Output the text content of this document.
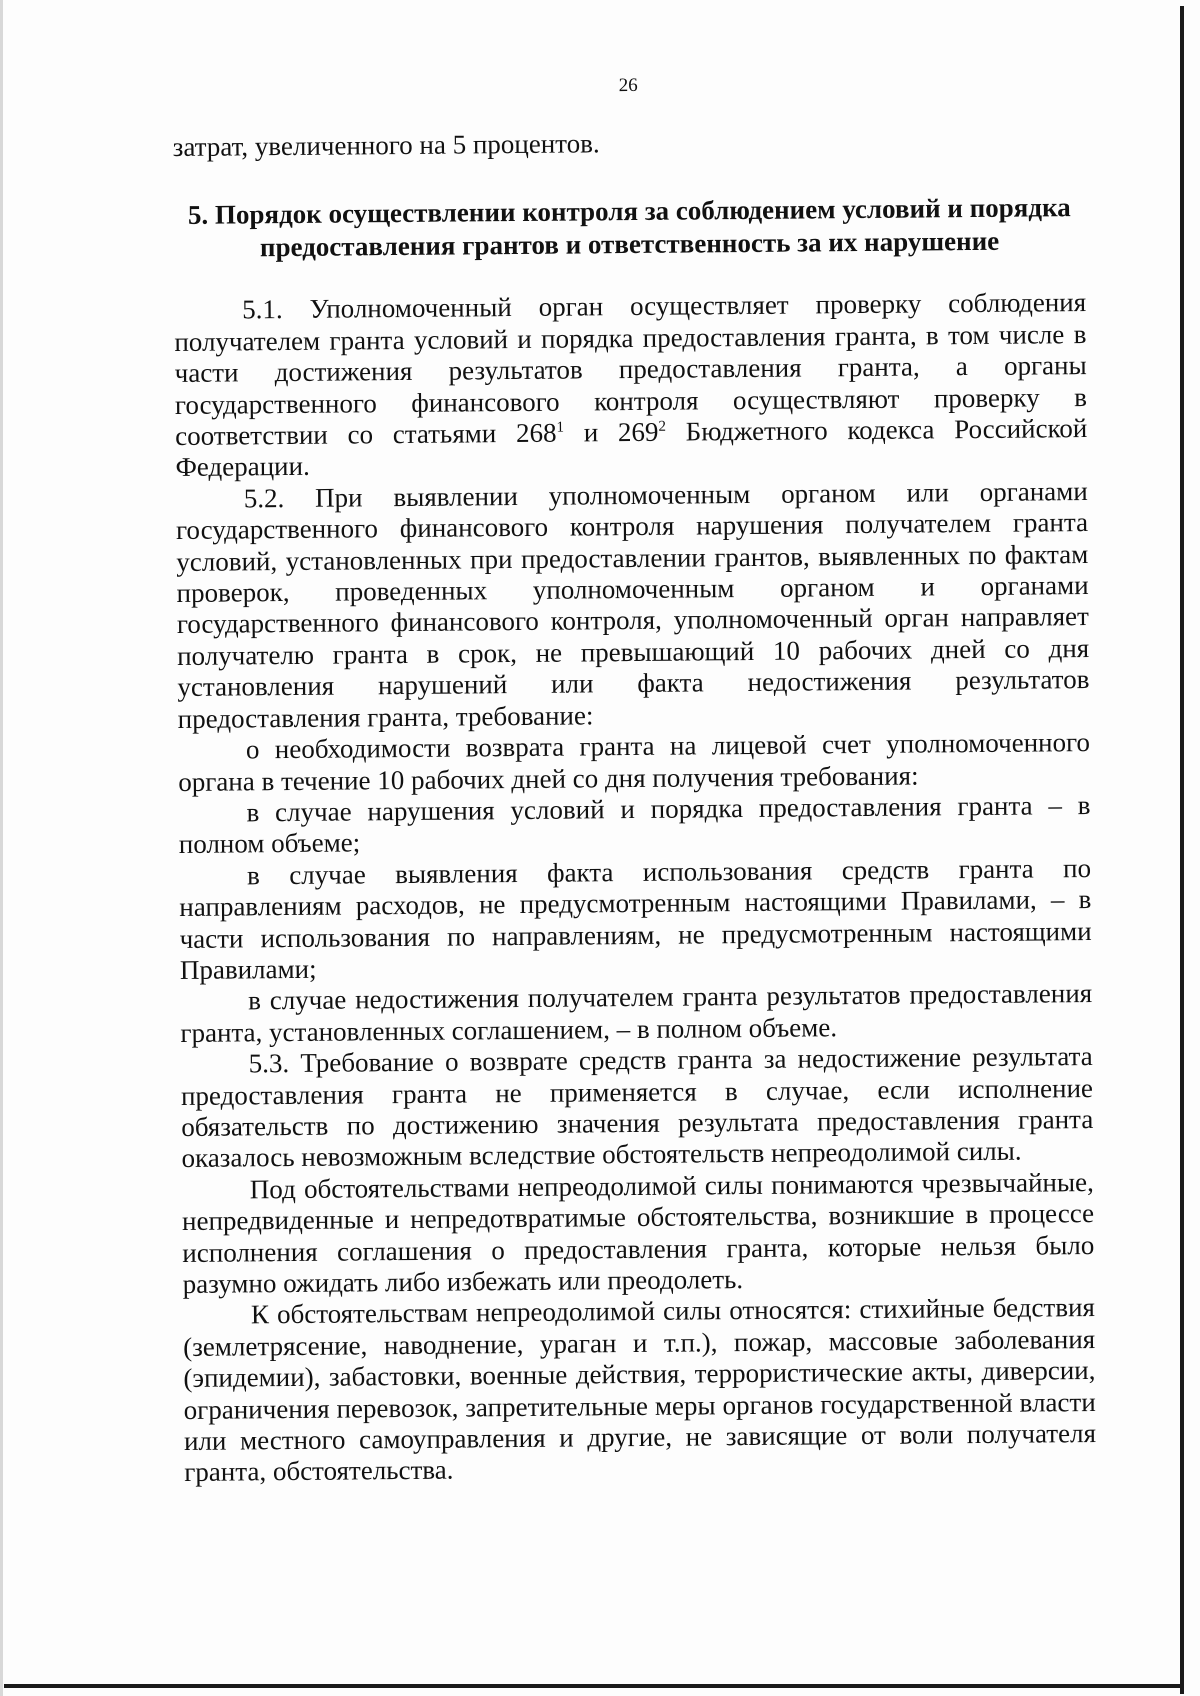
26

затрат, увеличенного на 5 процентов.

5. Порядок осуществлении контроля за соблюдением условий и порядка предоставления грантов и ответственность за их нарушение

5.1. Уполномоченный орган осуществляет проверку соблюдения получателем гранта условий и порядка предоставления гранта, в том числе в части достижения результатов предоставления гранта, а органы государственного финансового контроля осуществляют проверку в соответствии со статьями $268^1$ и $269^2$ Бюджетного кодекса Российской Федерации.

5.2. При выявлении уполномоченным органом или органами государственного финансового контроля нарушения получателем гранта условий, установленных при предоставлении грантов, выявленных по фактам проверок, проведенных уполномоченным органом и органами государственного финансового контроля, уполномоченный орган направляет получателю гранта в срок, не превышающий 10 рабочих дней со дня установления нарушений или факта недостижения результатов предоставления гранта, требование:

о необходимости возврата гранта на лицевой счет уполномоченного органа в течение 10 рабочих дней со дня получения требования:

в случае нарушения условий и порядка предоставления гранта – в полном объеме;

в случае выявления факта использования средств гранта по направлениям расходов, не предусмотренным настоящими Правилами, – в части использования по направлениям, не предусмотренным настоящими Правилами;

в случае недостижения получателем гранта результатов предоставления гранта, установленных соглашением, – в полном объеме.

5.3. Требование о возврате средств гранта за недостижение результата предоставления гранта не применяется в случае, если исполнение обязательств по достижению значения результата предоставления гранта оказалось невозможным вследствие обстоятельств непреодолимой силы.

Под обстоятельствами непреодолимой силы понимаются чрезвычайные, непредвиденные и непредотвратимые обстоятельства, возникшие в процессе исполнения соглашения о предоставления гранта, которые нельзя было разумно ожидать либо избежать или преодолеть.

К обстоятельствам непреодолимой силы относятся: стихийные бедствия (землетрясение, наводнение, ураган и т.п.), пожар, массовые заболевания (эпидемии), забастовки, военные действия, террористические акты, диверсии, ограничения перевозок, запретительные меры органов государственной власти или местного самоуправления и другие, не зависящие от воли получателя гранта, обстоятельства.
